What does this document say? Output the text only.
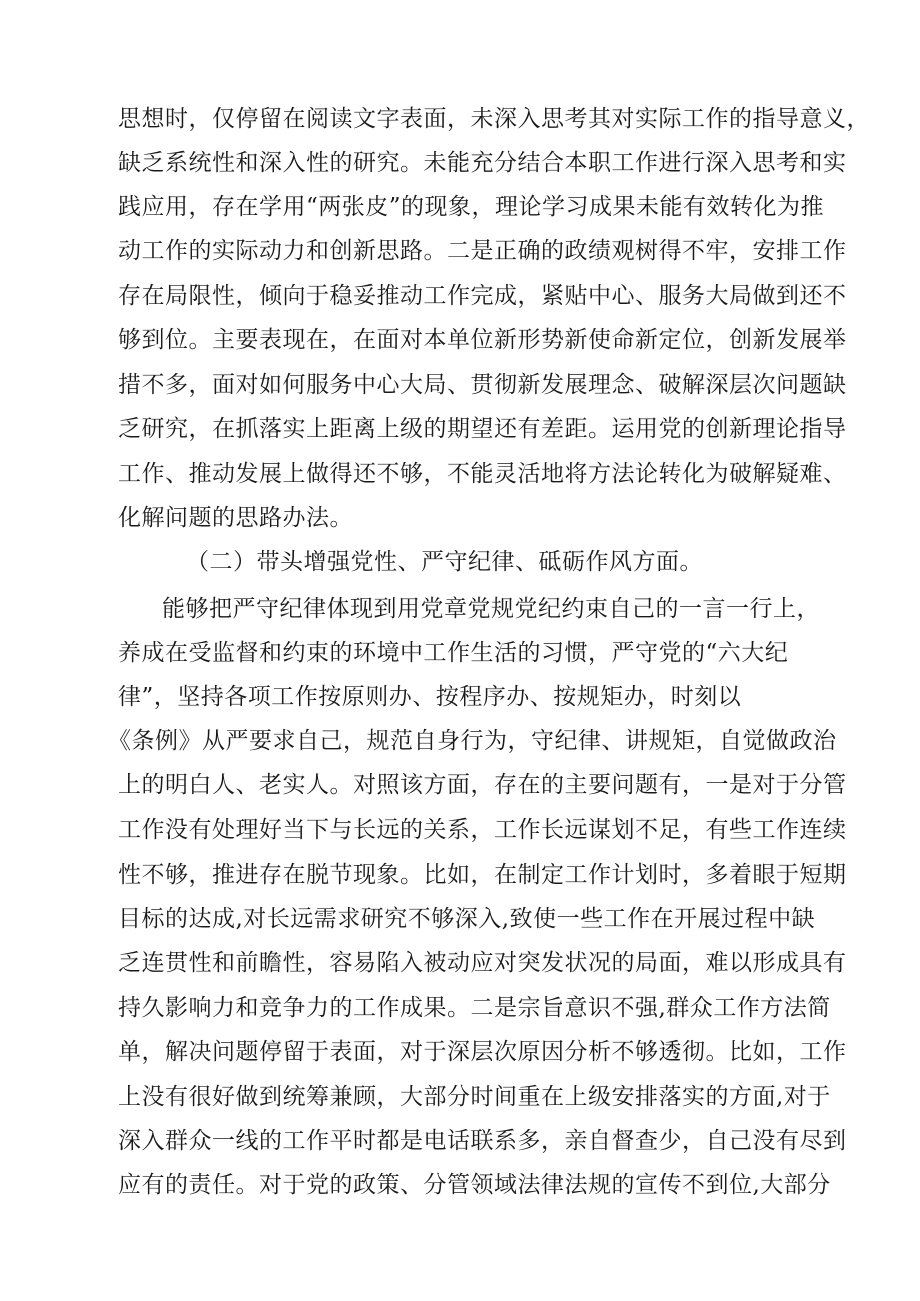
思想时，仅停留在阅读文字表面，未深入思考其对实际工作的指导意义，
缺乏系统性和深入性的研究。未能充分结合本职工作进行深入思考和实
践应用，存在学用“两张皮”的现象，理论学习成果未能有效转化为推
动工作的实际动力和创新思路。二是正确的政绩观树得不牢，安排工作
存在局限性，倾向于稳妥推动工作完成，紧贴中心、服务大局做到还不
够到位。主要表现在，在面对本单位新形势新使命新定位，创新发展举
措不多，面对如何服务中心大局、贯彻新发展理念、破解深层次问题缺
乏研究，在抓落实上距离上级的期望还有差距。运用党的创新理论指导
工作、推动发展上做得还不够，不能灵活地将方法论转化为破解疑难、
化解问题的思路办法。
（二）带头增强党性、严守纪律、砥砺作风方面。
能够把严守纪律体现到用党章党规党纪约束自己的一言一行上，
养成在受监督和约束的环境中工作生活的习惯，严守党的“六大纪
律”，坚持各项工作按原则办、按程序办、按规矩办，时刻以
《条例》从严要求自己，规范自身行为，守纪律、讲规矩，自觉做政治
上的明白人、老实人。对照该方面，存在的主要问题有，一是对于分管
工作没有处理好当下与长远的关系，工作长远谋划不足，有些工作连续
性不够，推进存在脱节现象。比如，在制定工作计划时，多着眼于短期
目标的达成,对长远需求研究不够深入,致使一些工作在开展过程中缺
乏连贯性和前瞻性，容易陷入被动应对突发状况的局面，难以形成具有
持久影响力和竞争力的工作成果。二是宗旨意识不强,群众工作方法简
单，解决问题停留于表面，对于深层次原因分析不够透彻。比如，工作
上没有很好做到统筹兼顾，大部分时间重在上级安排落实的方面,对于
深入群众一线的工作平时都是电话联系多，亲自督查少，自己没有尽到
应有的责任。对于党的政策、分管领域法律法规的宣传不到位,大部分
